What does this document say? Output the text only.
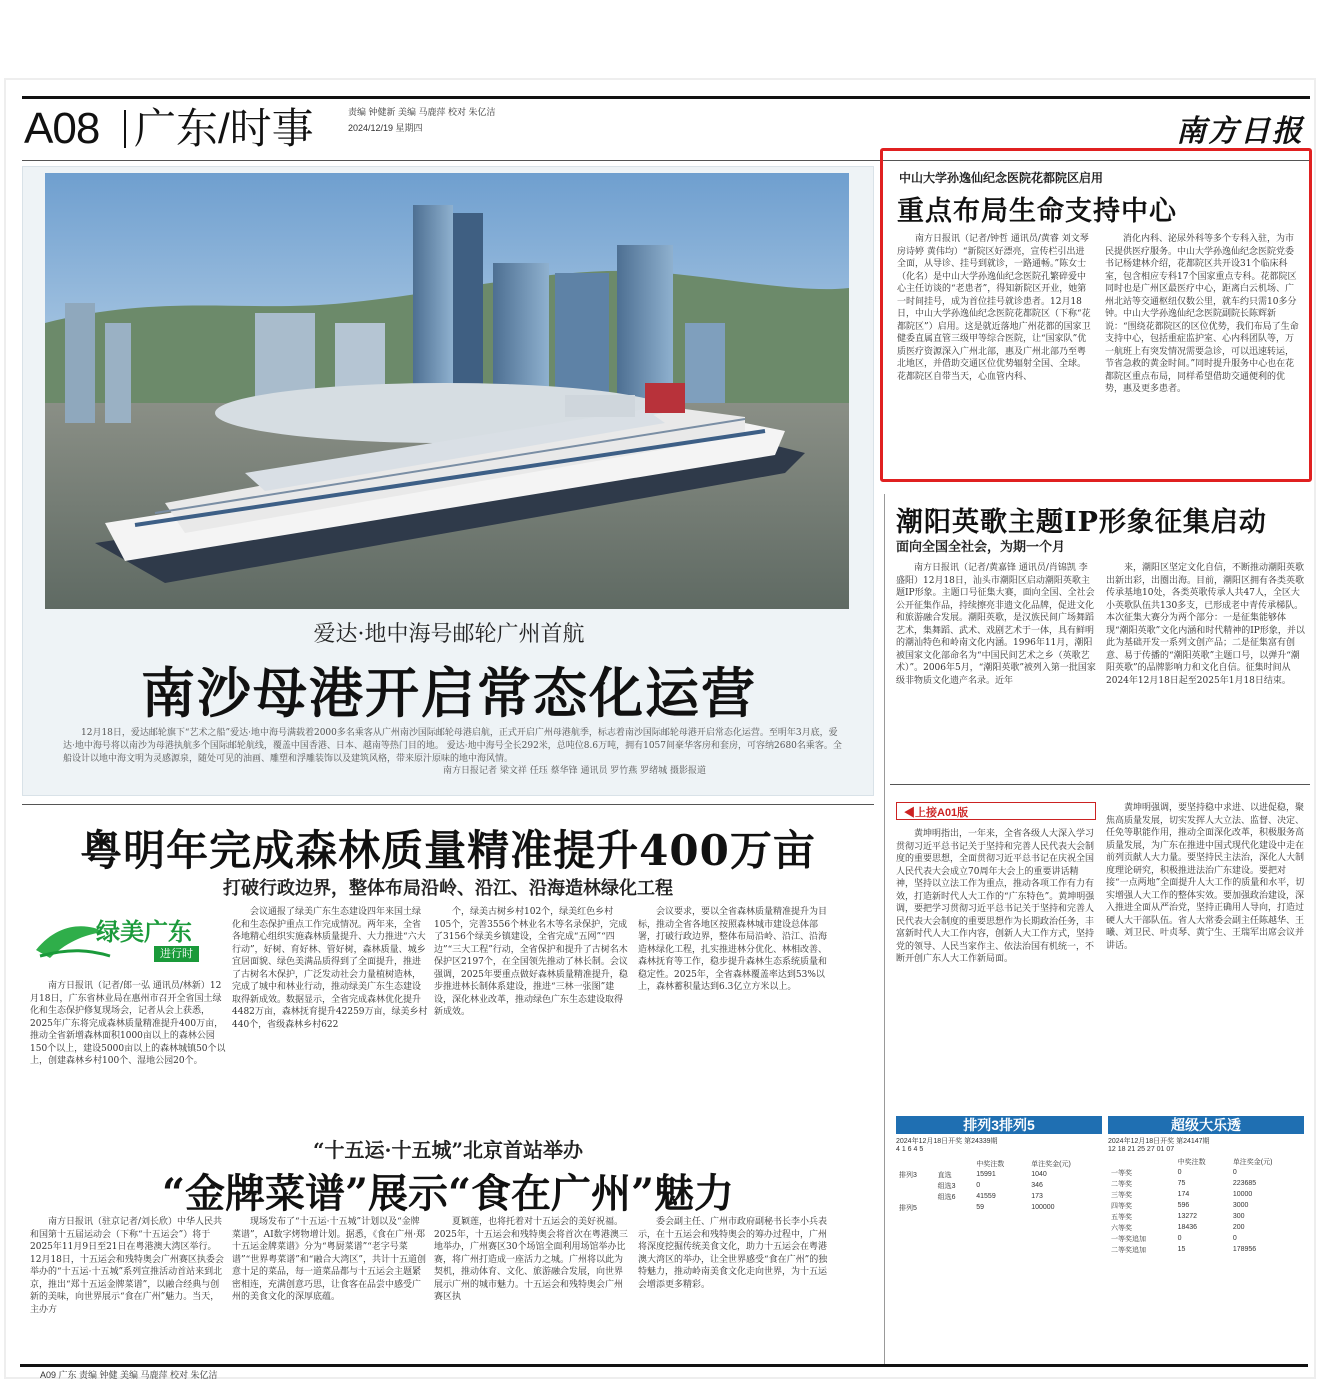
A08 广东/时事	责编 钟健新 美编 马鹿萍 校对 朱亿洁
2024/12/19 星期四	南方日报
爱达·地中海号邮轮广州首航
南沙母港开启常态化运营
12月18日，爱达邮轮旗下“艺术之船”爱达·地中海号满载着2000多名乘客从广州南沙国际邮轮母港启航，正式开启广州母港航季，标志着南沙国际邮轮母港开启常态化运营。至明年3月底，爱达·地中海号将以南沙为母港执航多个国际邮轮航线，覆盖中国香港、日本、越南等热门目的地。 爱达·地中海号全长292米，总吨位8.6万吨，拥有1057间豪华客房和套房，可容纳2680名乘客。全船设计以地中海文明为灵感源泉，随处可见的油画、雕塑和浮雕装饰以及建筑风格，带来原汁原味的地中海风情。
南方日报记者 梁文祥 任珏 蔡华锋 通讯员 罗竹燕 罗绪城 摄影报道
中山大学孙逸仙纪念医院花都院区启用
重点布局生命支持中心
南方日报讯（记者/钟哲 通讯员/黄睿 刘文琴 房诗婷 黄伟均）“新院区好漂亮，宣传栏引出进全面，从导诊、挂号到就诊，一路通畅。”陈女士（化名）是中山大学孙逸仙纪念医院孔繁碎爱中心主任访谈的“老患者”，得知新院区开业，她第一时间挂号，成为首位挂号就诊患者。12月18日，中山大学孙逸仙纪念医院花都院区（下称“花都院区”）启用。这是就近落地广州花都的国家卫健委直属直管三级甲等综合医院，让“国家队”优质医疗资源深入广州北部，惠及广州北部乃至粤北地区，并借助交通区位优势辐射全国、全球。花都院区自带当天，心血管内科、
消化内科、泌尿外科等多个专科入驻，为市民提供医疗服务。中山大学孙逸仙纪念医院党委书记杨建林介绍，花都院区共开设31个临床科室，包含相应专科17个国家重点专科。花都院区同时也是广州区最医疗中心，距离白云机场、广州北站等交通枢纽仅数公里，就车约只需10多分钟。中山大学孙逸仙纪念医院副院长陈辉新说：“围绕花都院区的区位优势，我们布局了生命支持中心，包括重症监护室、心内科团队等，万一航班上有突发情况需要急诊，可以迅速转运，节省急救的黄金时间。”同时提升服务中心也在花都院区重点布局，同样希望借助交通便利的优势，惠及更多患者。
潮阳英歌主题IP形象征集启动
面向全国全社会，为期一个月
南方日报讯（记者/黄嘉锋 通讯员/肖锦凯 李盛阳）12月18日，汕头市潮阳区启动潮阳英歌主题IP形象。主题口号征集大赛，面向全国、全社会公开征集作品，持续擦亮非遗文化品牌，促进文化和旅游融合发展。潮阳英歌，是汉族民间广场舞蹈艺术，集舞蹈、武术、戏剧艺术于一体，具有鲜明的潮汕特色和岭南文化内涵。1996年11月，潮阳被国家文化部命名为“中国民间艺术之乡（英歌艺术）”。2006年5月，“潮阳英歌”被列入第一批国家级非物质文化遗产名录。近年
来，潮阳区坚定文化自信，不断推动潮阳英歌出新出彩，出圈出海。目前，潮阳区拥有各类英歌传承基地10处，各类英歌传承人共47人，全区大小英歌队伍共130多支，已形成老中青传承梯队。本次征集大赛分为两个部分：一是征集能够体现“潮阳英歌”文化内涵和时代精神的IP形象，并以此为基础开发一系列文创产品；二是征集富有创意、易于传播的“潮阳英歌”主题口号，以弹升“潮阳英歌”的品牌影响力和文化自信。征集时间从2024年12月18日起至2025年1月18日结束。
粤明年完成森林质量精准提升400万亩
打破行政边界，整体布局沿岭、沿江、沿海造林绿化工程
绿美广东
进行时
南方日报讯（记者/郎一弘 通讯员/林新）12月18日，广东省林业局在惠州市召开全省国土绿化和生态保护修复现场会，记者从会上获悉，2025年广东将完成森林质量精准提升400万亩，推动全省新增森林面积1000亩以上的森林公园150个以上，建设5000亩以上的森林城镇50个以上，创建森林乡村100个、湿地公园20个。
会议通报了绿美广东生态建设四年来国土绿化和生态保护重点工作完成情况。两年来，全省各地精心组织实施森林质量提升、大力推进“六大行动”，好树、育好林、管好树，森林质量、城乡宜居面貌、绿色美满品质得到了全面提升，推进了古树名木保护，广泛发动社会力量植树造林，完成了城中和林业行动，推动绿美广东生态建设取得新成效。数据显示，全省完成森林优化提升4482万亩，森林抚育提升42259万亩，绿美乡村440个，省级森林乡村622
个，绿美古树乡村102个，绿美红色乡村105个，完善3556个林业名木等名录保护，完成了3156个绿美乡镇建设，全省完成“五网”“四边”“三大工程”行动，全省保护和提升了古树名木保护区2197个，在全国领先推动了林长制。会议强调，2025年要重点做好森林质量精准提升，稳步推进林长制体系建设，推进“三林一张图”建设，深化林业改革，推动绿色广东生态建设取得新成效。
会议要求，要以全省森林质量精准提升为目标，推动全省各地区按照森林城市建设总体部署，打破行政边界，整体布局沿岭、沿江、沿海造林绿化工程，扎实推进林分优化、林相改善、森林抚育等工作，稳步提升森林生态系统质量和稳定性。2025年，全省森林覆盖率达到53%以上，森林蓄积量达到6.3亿立方米以上。
“十五运·十五城”北京首站举办
“金牌菜谱”展示“食在广州”魅力
南方日报讯（驻京记者/刘长欣）中华人民共和国第十五届运动会（下称“十五运会”）将于2025年11月9日至21日在粤港澳大湾区举行。12月18日，十五运会和残特奥会广州赛区执委会举办的“十五运·十五城”系列宣推活动首站来到北京，推出“郑十五运金牌菜谱”，以融合经典与创新的美味，向世界展示“食在广州”魅力。当天，主办方
现场发布了“十五运·十五城”计划以及“金牌菜谱”，AI数字烤物增计划。据悉，《食在广州·郑十五运金牌菜谱》分为“粤厨菜谱”“老字号菜谱”“世界粤菜谱”和“融合大湾区”，共计十五道创意十足的菜品，每一道菜品都与十五运会主题紧密相连，充满创意巧思，让食客在品尝中感受广州的美食文化的深厚底蕴。
夏颖莲，也将托着对十五运会的美好祝福。2025年，十五运会和残特奥会将首次在粤港澳三地举办，广州赛区30个场馆全面利用场馆举办比赛，将广州打造成一座活力之城。广州将以此为契机，推动体育、文化、旅游融合发展，向世界展示广州的城市魅力。十五运会和残特奥会广州赛区执
委会副主任、广州市政府副秘书长李小兵表示，在十五运会和残特奥会的筹办过程中，广州将深度挖掘传统美食文化，助力十五运会在粤港澳大湾区的举办，让全世界感受“食在广州”的独特魅力，推动岭南美食文化走向世界，为十五运会增添更多精彩。
◀上接A01版
黄坤明指出，一年来，全省各级人大深入学习贯彻习近平总书记关于坚持和完善人民代表大会制度的重要思想，全面贯彻习近平总书记在庆祝全国人民代表大会成立70周年大会上的重要讲话精神，坚持以立法工作为重点，推动各项工作有力有效，打造新时代人大工作的“广东特色”。黄坤明强调，要把学习贯彻习近平总书记关于坚持和完善人民代表大会制度的重要思想作为长期政治任务，丰富新时代人大工作内容，创新人大工作方式，坚持党的领导、人民当家作主、依法治国有机统一，不断开创广东人大工作新局面。
黄坤明强调，要坚持稳中求进、以进促稳，聚焦高质量发展，切实发挥人大立法、监督、决定、任免等职能作用，推动全面深化改革，积极服务高质量发展，为广东在推进中国式现代化建设中走在前列贡献人大力量。要坚持民主法治，深化人大制度理论研究，积极推进法治广东建设。要把对接“一点两地”全面提升人大工作的质量和水平，切实增强人大工作的整体实效。要加强政治建设，深入推进全面从严治党，坚持正确用人导向，打造过硬人大干部队伍。省人大常委会副主任陈越华、王曦、刘卫民、叶贞琴、黄宁生、王瑞军出席会议并讲话。
排列3排列5
2024年12月18日开奖 第24339期
4 1 6 4 5
		中奖注数	单注奖金(元)
排列3	直选	15991	1040
	组选3	0	346
	组选6	41559	173
排列5		59	100000
超级大乐透
2024年12月18日开奖 第24147期
12 18 21 25 27 01 07
	中奖注数	单注奖金(元)
一等奖	0	0
二等奖	75	223685
三等奖	174	10000
四等奖	596	3000
五等奖	13272	300
六等奖	18436	200
一等奖追加	0	0
二等奖追加	15	178956
A09 广东 责编 钟健 美编 马鹿萍 校对 朱亿洁
